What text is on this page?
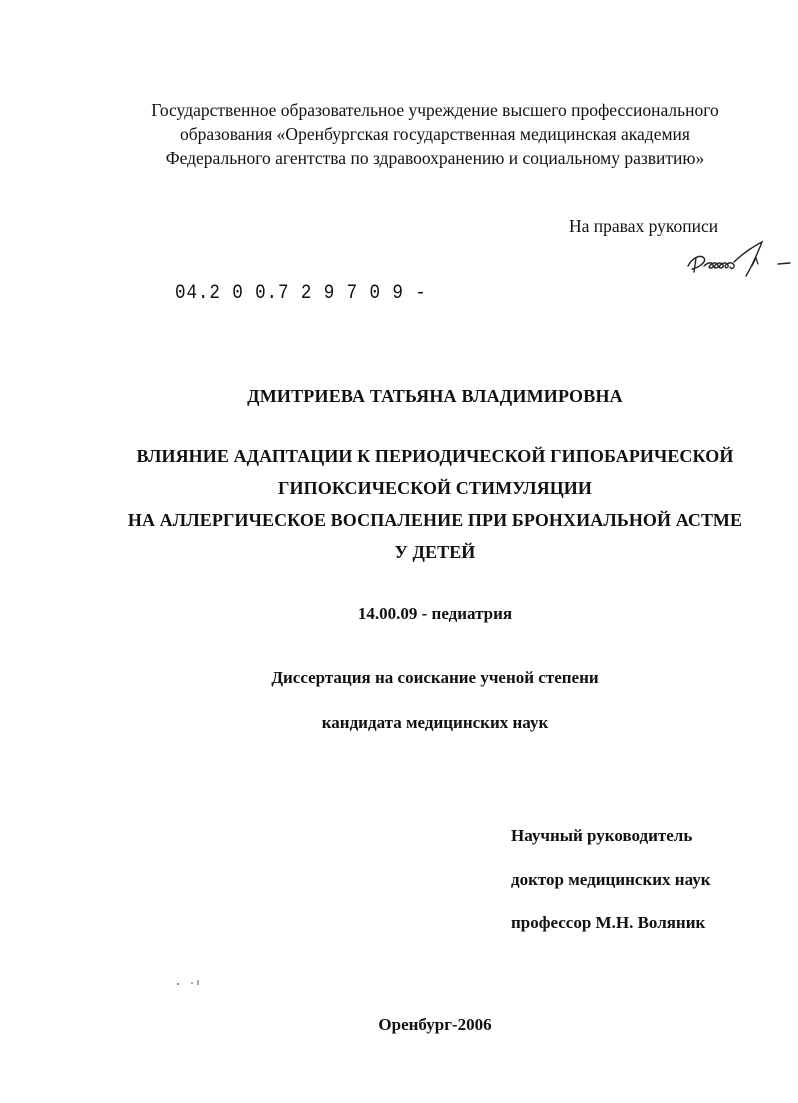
Государственное образовательное учреждение высшего профессионального
образования «Оренбургская государственная медицинская академия
Федерального агентства по здравоохранению и социальному развитию»
На правах рукописи
04.2 0 0.7 2 9 7 0 9 -
ДМИТРИЕВА ТАТЬЯНА ВЛАДИМИРОВНА
ВЛИЯНИЕ АДАПТАЦИИ К ПЕРИОДИЧЕСКОЙ ГИПОБАРИЧЕСКОЙ
ГИПОКСИЧЕСКОЙ СТИМУЛЯЦИИ
НА АЛЛЕРГИЧЕСКОЕ ВОСПАЛЕНИЕ ПРИ БРОНХИАЛЬНОЙ АСТМЕ
У ДЕТЕЙ
14.00.09 - педиатрия
Диссертация на соискание ученой степени
кандидата медицинских наук
Научный руководитель
доктор медицинских наук
профессор М.Н. Воляник
Оренбург-2006
